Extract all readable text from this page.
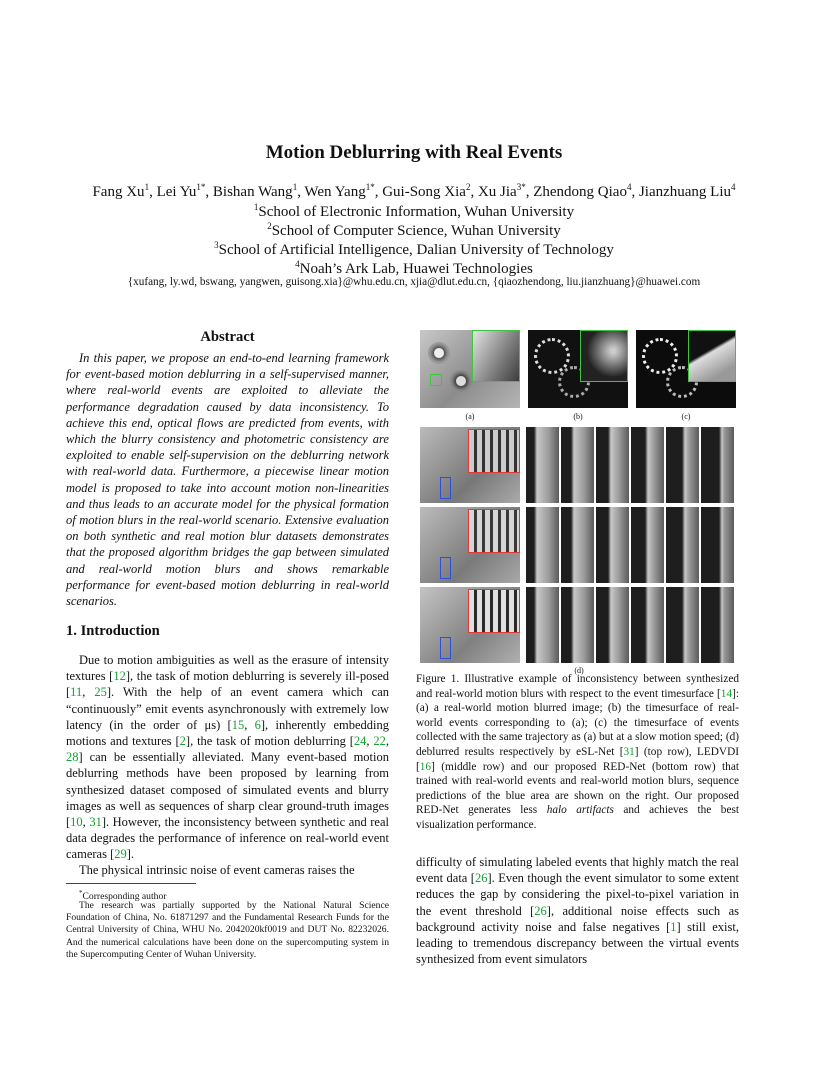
Motion Deblurring with Real Events
Fang Xu$^1$, Lei $Yu^{1*}$, Bishan Wang$^1$, Wen Yang$^{1*}$, Gui-Song Xia$^2$, Xu Jia$^{3*}$, Zhendong Qiao$^4$, Jianzhuang Liu$^4$
$^1$School of Electronic Information, Wuhan University
$^2$School of Computer Science, Wuhan University
$^3$School of Artificial Intelligence, Dalian University of Technology
$^4$Noah’s Ark Lab, Huawei Technologies
{xufang, ly.wd, bswang, yangwen, guisong.xia}@whu.edu.cn, xjia@dlut.edu.cn, {qiaozhendong, liu.jianzhuang}@huawei.com
Abstract
In this paper, we propose an end-to-end learning framework for event-based motion deblurring in a self-supervised manner, where real-world events are exploited to alleviate the performance degradation caused by data inconsistency. To achieve this end, optical flows are predicted from events, with which the blurry consistency and photometric consistency are exploited to enable self-supervision on the deblurring network with real-world data. Furthermore, a piecewise linear motion model is proposed to take into account motion non-linearities and thus leads to an accurate model for the physical formation of motion blurs in the real-world scenario. Extensive evaluation on both synthetic and real motion blur datasets demonstrates that the proposed algorithm bridges the gap between simulated and real-world motion blurs and shows remarkable performance for event-based motion deblurring in real-world scenarios.
1. Introduction
Due to motion ambiguities as well as the erasure of intensity textures [12], the task of motion deblurring is severely ill-posed [11, 25]. With the help of an event camera which can “continuously” emit events asynchronously with extremely low latency (in the order of μs) [15, 6], inherently embedding motions and textures [2], the task of motion deblurring [24, 22, 28] can be essentially alleviated. Many event-based motion deblurring methods have been proposed by learning from synthesized dataset composed of simulated events and blurry images as well as sequences of sharp clear ground-truth images [10, 31]. However, the inconsistency between synthetic and real data degrades the performance of inference on real-world event cameras [29].
The physical intrinsic noise of event cameras raises the
*Corresponding author
The research was partially supported by the National Natural Science Foundation of China, No. 61871297 and the Fundamental Research Funds for the Central University of China, WHU No. 2042020kf0019 and DUT No. 82232026. And the numerical calculations have been done on the supercomputing system in the Supercomputing Center of Wuhan University.
(a)	(b)	(c)
(d)
Figure 1. Illustrative example of inconsistency between synthesized and real-world motion blurs with respect to the event timesurface [14]: (a) a real-world motion blurred image; (b) the timesurface of real-world events corresponding to (a); (c) the timesurface of events collected with the same trajectory as (a) but at a slow motion speed; (d) deblurred results respectively by eSL-Net [31] (top row), LEDVDI [16] (middle row) and our proposed RED-Net (bottom row) that trained with real-world events and real-world motion blurs, sequence predictions of the blue area are shown on the right. Our proposed RED-Net generates less halo artifacts and achieves the best visualization performance.
difficulty of simulating labeled events that highly match the real event data [26]. Even though the event simulator to some extent reduces the gap by considering the pixel-to-pixel variation in the event threshold [26], additional noise effects such as background activity noise and false negatives [1] still exist, leading to tremendous discrepancy between the virtual events synthesized from event simulators
